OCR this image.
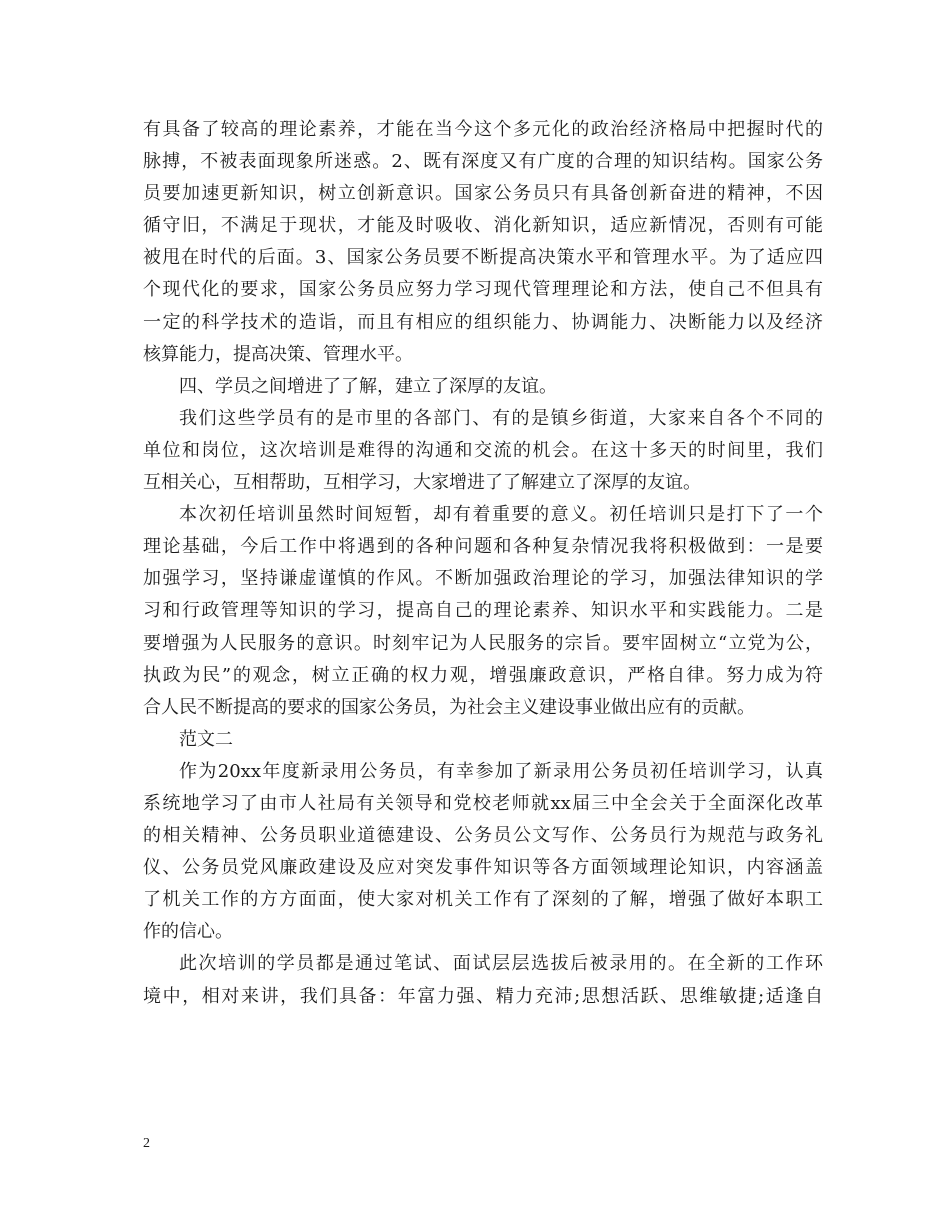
有具备了较高的理论素养，才能在当今这个多元化的政治经济格局中把握时代的
脉搏，不被表面现象所迷惑。2、既有深度又有广度的合理的知识结构。国家公务
员要加速更新知识，树立创新意识。国家公务员只有具备创新奋进的精神，不因
循守旧，不满足于现状，才能及时吸收、消化新知识，适应新情况，否则有可能
被甩在时代的后面。3、国家公务员要不断提高决策水平和管理水平。为了适应四
个现代化的要求，国家公务员应努力学习现代管理理论和方法，使自己不但具有
一定的科学技术的造诣，而且有相应的组织能力、协调能力、决断能力以及经济
核算能力，提高决策、管理水平。
四、学员之间增进了了解，建立了深厚的友谊。
我们这些学员有的是市里的各部门、有的是镇乡街道，大家来自各个不同的
单位和岗位，这次培训是难得的沟通和交流的机会。在这十多天的时间里，我们
互相关心，互相帮助，互相学习，大家增进了了解建立了深厚的友谊。
本次初任培训虽然时间短暂，却有着重要的意义。初任培训只是打下了一个
理论基础，今后工作中将遇到的各种问题和各种复杂情况我将积极做到：一是要
加强学习，坚持谦虚谨慎的作风。不断加强政治理论的学习，加强法律知识的学
习和行政管理等知识的学习，提高自己的理论素养、知识水平和实践能力。二是
要增强为人民服务的意识。时刻牢记为人民服务的宗旨。要牢固树立“立党为公，
执政为民”的观念，树立正确的权力观，增强廉政意识，严格自律。努力成为符
合人民不断提高的要求的国家公务员，为社会主义建设事业做出应有的贡献。
范文二
作为20xx年度新录用公务员，有幸参加了新录用公务员初任培训学习，认真
系统地学习了由市人社局有关领导和党校老师就xx届三中全会关于全面深化改革
的相关精神、公务员职业道德建设、公务员公文写作、公务员行为规范与政务礼
仪、公务员党风廉政建设及应对突发事件知识等各方面领域理论知识，内容涵盖
了机关工作的方方面面，使大家对机关工作有了深刻的了解，增强了做好本职工
作的信心。
此次培训的学员都是通过笔试、面试层层选拔后被录用的。在全新的工作环
境中，相对来讲，我们具备：年富力强、精力充沛;思想活跃、思维敏捷;适逢自
2
